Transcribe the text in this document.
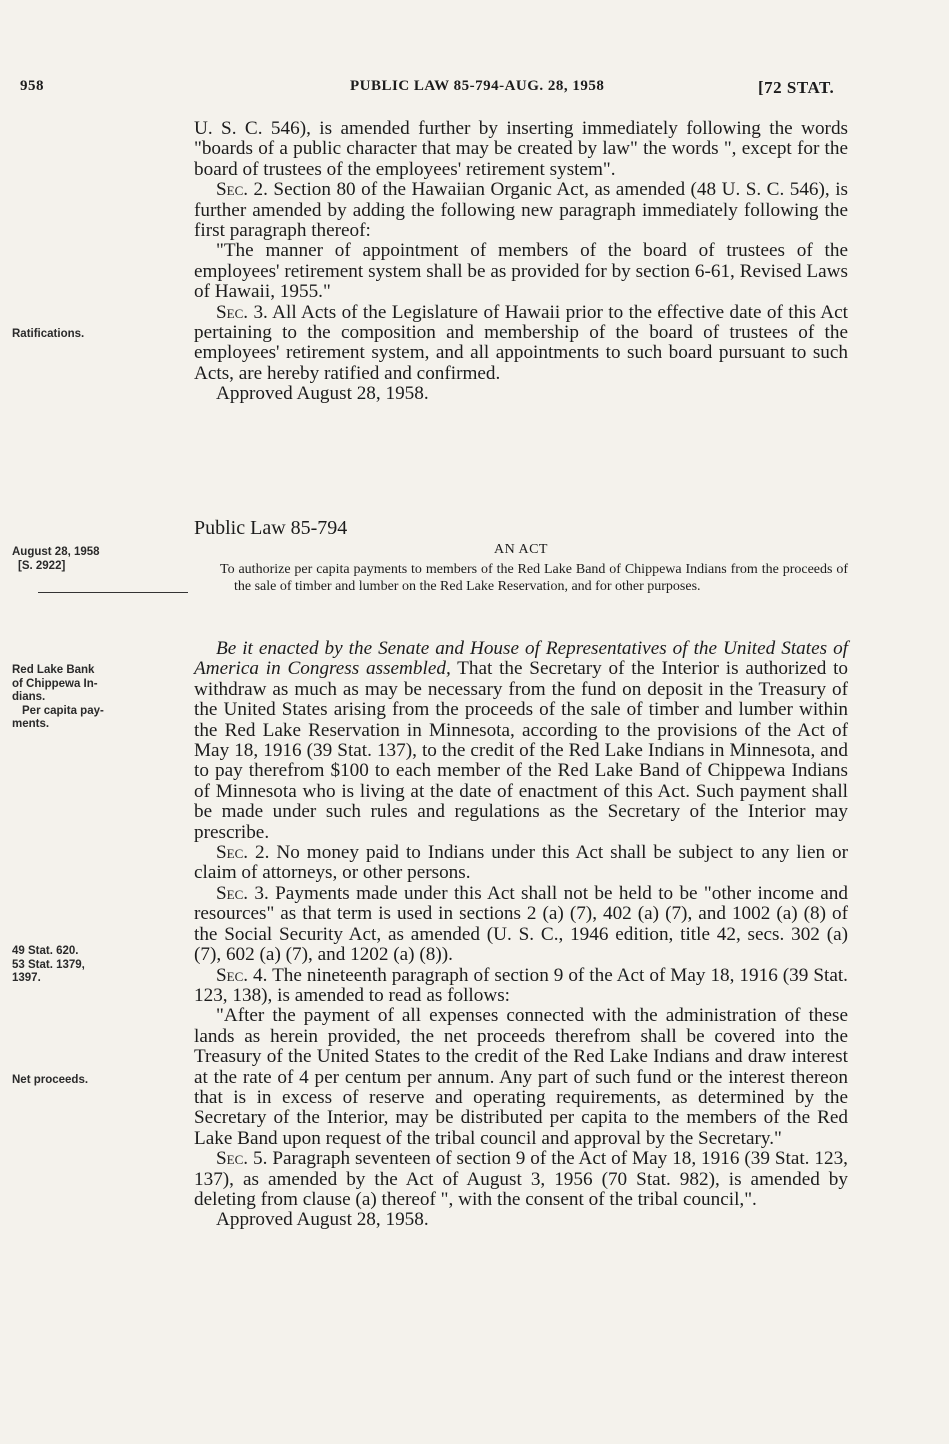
958	PUBLIC LAW 85-794-AUG. 28, 1958	[72 STAT.

U. S. C. 546), is amended further by inserting immediately following the words "boards of a public character that may be created by law" the words ", except for the board of trustees of the employees' retirement system".

Sec. 2. Section 80 of the Hawaiian Organic Act, as amended (48 U. S. C. 546), is further amended by adding the following new paragraph immediately following the first paragraph thereof:

"The manner of appointment of members of the board of trustees of the employees' retirement system shall be as provided for by section 6-61, Revised Laws of Hawaii, 1955."

Sec. 3. All Acts of the Legislature of Hawaii prior to the effective date of this Act pertaining to the composition and membership of the board of trustees of the employees' retirement system, and all appointments to such board pursuant to such Acts, are hereby ratified and confirmed.

Approved August 28, 1958.

Ratifications.
August 28, 1958
[S. 2922]
Red Lake Bank
of Chippewa In-
dians.
Per capita pay-
ments.
49 Stat. 620.
53 Stat. 1379,
1397.
Net proceeds.
Public Law 85-794
AN ACT
To authorize per capita payments to members of the Red Lake Band of Chippewa Indians from the proceeds of the sale of timber and lumber on the Red Lake Reservation, and for other purposes.

Be it enacted by the Senate and House of Representatives of the United States of America in Congress assembled, That the Secretary of the Interior is authorized to withdraw as much as may be necessary from the fund on deposit in the Treasury of the United States arising from the proceeds of the sale of timber and lumber within the Red Lake Reservation in Minnesota, according to the provisions of the Act of May 18, 1916 (39 Stat. 137), to the credit of the Red Lake Indians in Minnesota, and to pay therefrom $100 to each member of the Red Lake Band of Chippewa Indians of Minnesota who is living at the date of enactment of this Act. Such payment shall be made under such rules and regulations as the Secretary of the Interior may prescribe.

Sec. 2. No money paid to Indians under this Act shall be subject to any lien or claim of attorneys, or other persons.

Sec. 3. Payments made under this Act shall not be held to be "other income and resources" as that term is used in sections 2 (a) (7), 402 (a) (7), and 1002 (a) (8) of the Social Security Act, as amended (U. S. C., 1946 edition, title 42, secs. 302 (a) (7), 602 (a) (7), and 1202 (a) (8)).

Sec. 4. The nineteenth paragraph of section 9 of the Act of May 18, 1916 (39 Stat. 123, 138), is amended to read as follows:

"After the payment of all expenses connected with the administration of these lands as herein provided, the net proceeds therefrom shall be covered into the Treasury of the United States to the credit of the Red Lake Indians and draw interest at the rate of 4 per centum per annum. Any part of such fund or the interest thereon that is in excess of reserve and operating requirements, as determined by the Secretary of the Interior, may be distributed per capita to the members of the Red Lake Band upon request of the tribal council and approval by the Secretary."

Sec. 5. Paragraph seventeen of section 9 of the Act of May 18, 1916 (39 Stat. 123, 137), as amended by the Act of August 3, 1956 (70 Stat. 982), is amended by deleting from clause (a) thereof ", with the consent of the tribal council,".

Approved August 28, 1958.
